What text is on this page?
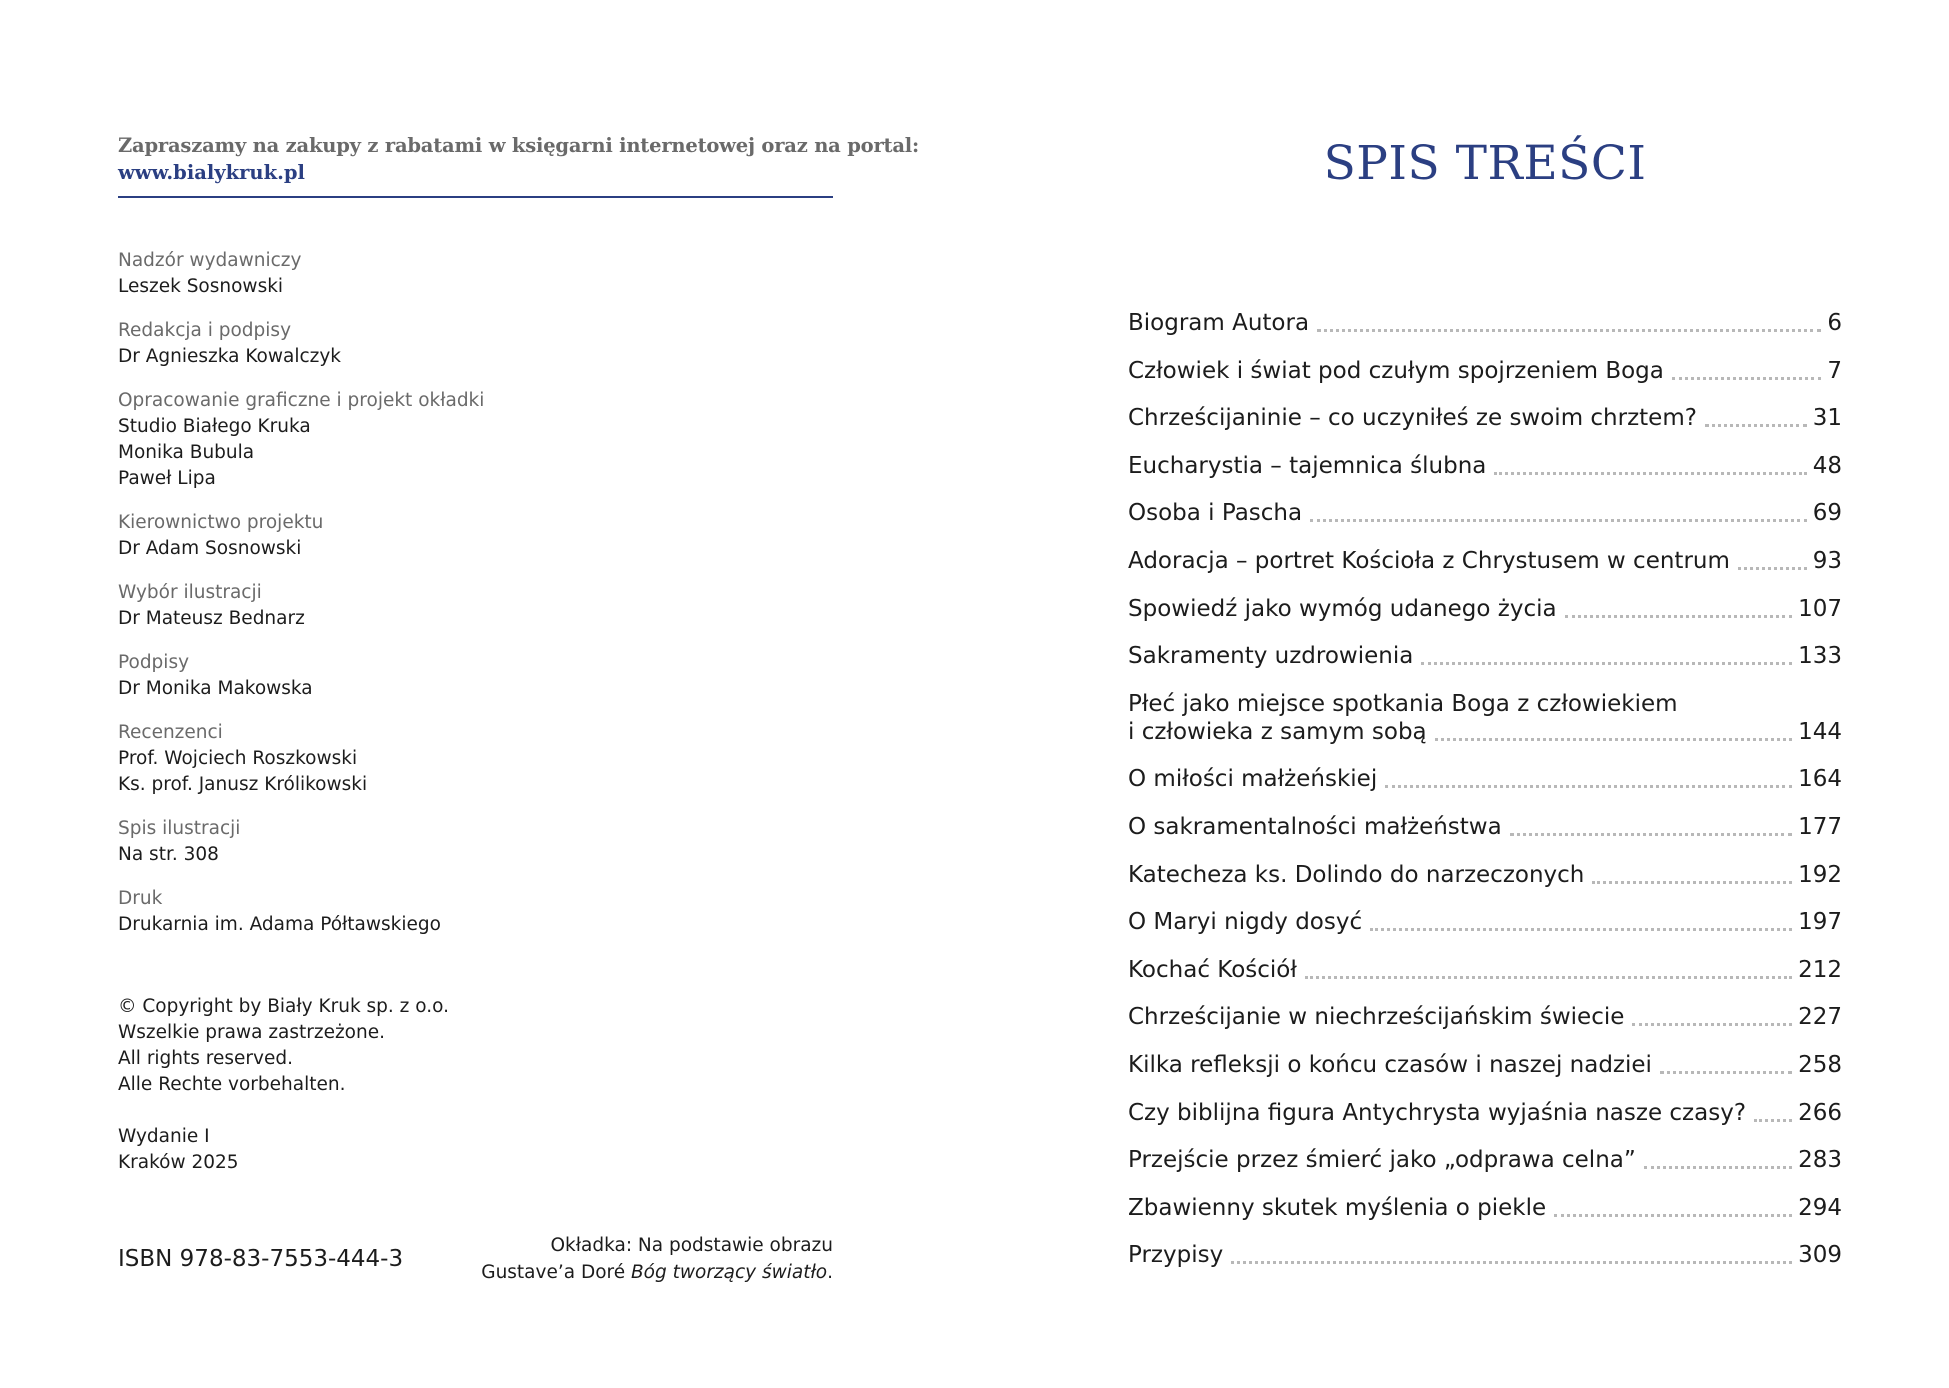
Zapraszamy na zakupy z rabatami w księgarni internetowej oraz na portal:
www.bialykruk.pl
Nadzór wydawniczy
Leszek Sosnowski
Redakcja i podpisy
Dr Agnieszka Kowalczyk
Opracowanie graficzne i projekt okładki
Studio Białego Kruka
Monika Bubula
Paweł Lipa
Kierownictwo projektu
Dr Adam Sosnowski
Wybór ilustracji
Dr Mateusz Bednarz
Podpisy
Dr Monika Makowska
Recenzenci
Prof. Wojciech Roszkowski
Ks. prof. Janusz Królikowski
Spis ilustracji
Na str. 308
Druk
Drukarnia im. Adama Półtawskiego
© Copyright by Biały Kruk sp. z o.o.
Wszelkie prawa zastrzeżone.
All rights reserved.
Alle Rechte vorbehalten.
Wydanie I
Kraków 2025
ISBN 978-83-7553-444-3
Okładka: Na podstawie obrazu
Gustave’a Doré Bóg tworzący światło.
SPIS TREŚCI
Biogram Autora	6
Człowiek i świat pod czułym spojrzeniem Boga	7
Chrześcijaninie – co uczyniłeś ze swoim chrztem?	31
Eucharystia – tajemnica ślubna	48
Osoba i Pascha	69
Adoracja – portret Kościoła z Chrystusem w centrum	93
Spowiedź jako wymóg udanego życia	107
Sakramenty uzdrowienia	133
Płeć jako miejsce spotkania Boga z człowiekiem
i człowieka z samym sobą	144
O miłości małżeńskiej	164
O sakramentalności małżeństwa	177
Katecheza ks. Dolindo do narzeczonych	192
O Maryi nigdy dosyć	197
Kochać Kościół	212
Chrześcijanie w niechrześcijańskim świecie	227
Kilka refleksji o końcu czasów i naszej nadziei	258
Czy biblijna figura Antychrysta wyjaśnia nasze czasy? 266
Przejście przez śmierć jako „odprawa celna”	283
Zbawienny skutek myślenia o piekle	294
Przypisy	309
